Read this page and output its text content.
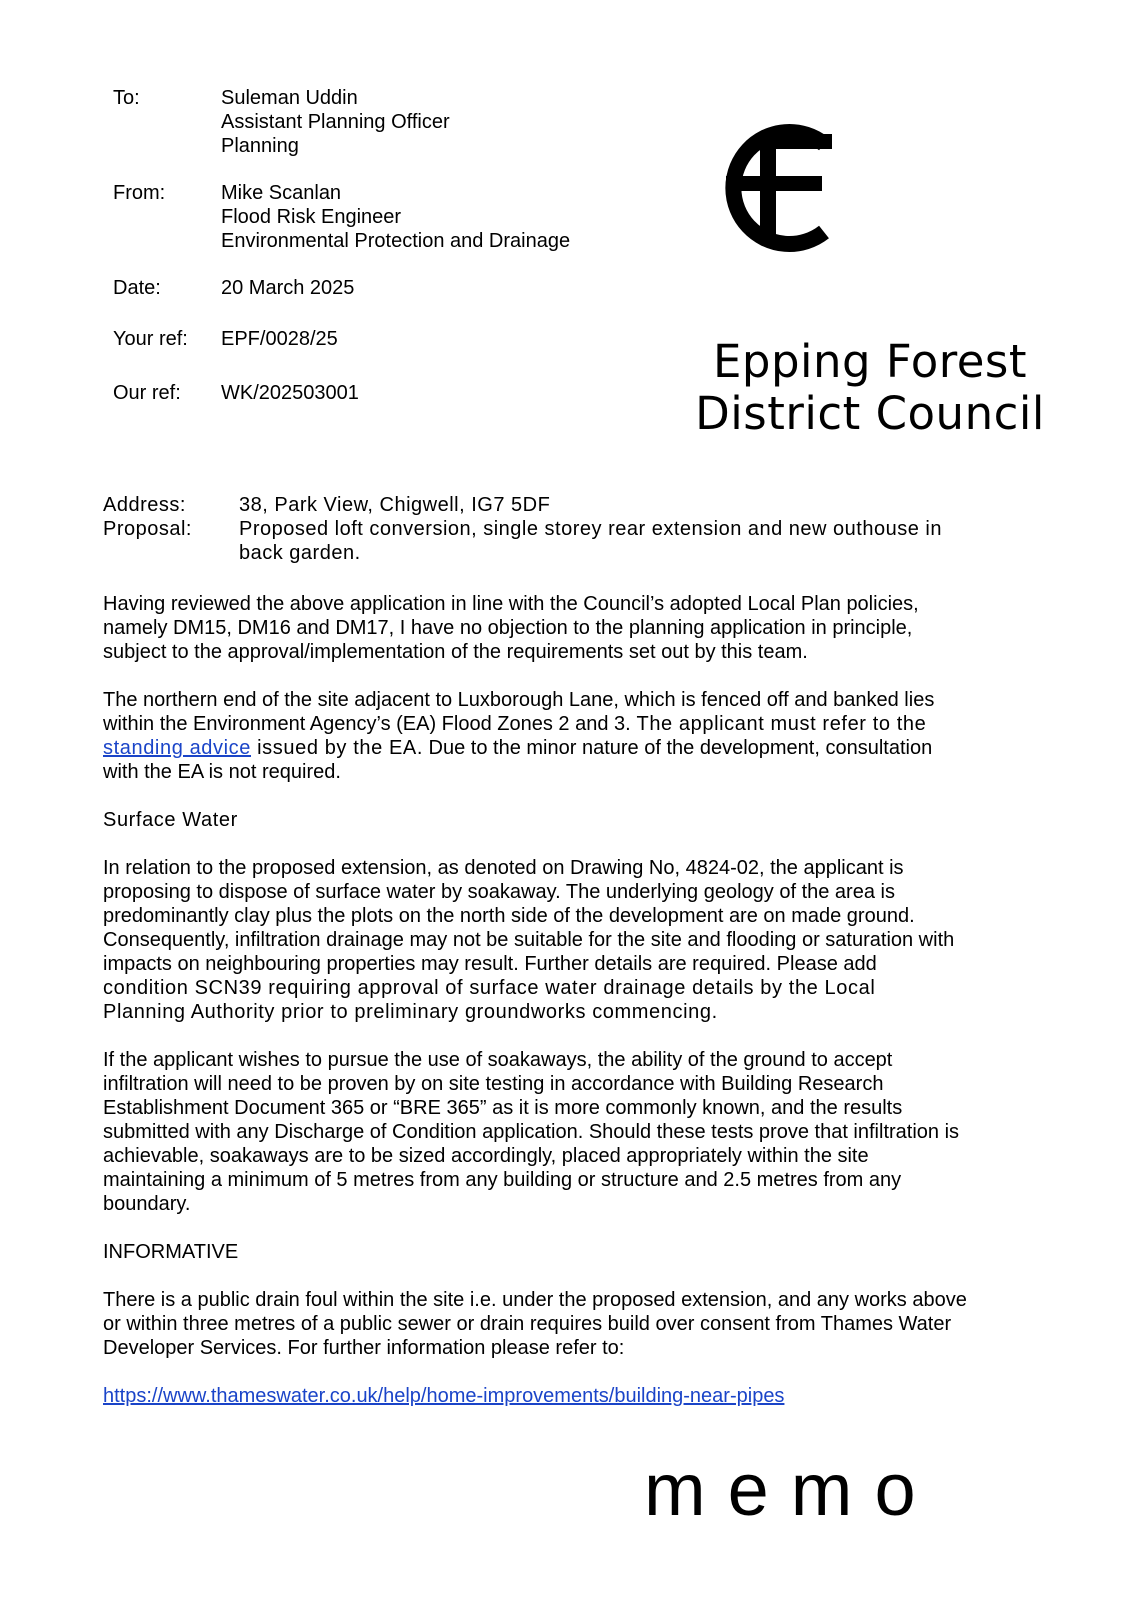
To:	Suleman Uddin
Assistant Planning Officer
Planning
From:	Mike Scanlan
Flood Risk Engineer
Environmental Protection and Drainage
Date:	20 March 2025
Your ref:	EPF/0028/25
Our ref:	WK/202503001
Epping Forest
District Council
Address:	38, Park View, Chigwell, IG7 5DF
Proposal:	Proposed loft conversion, single storey rear extension and new outhouse in
back garden.

Having reviewed the above application in line with the Council’s adopted Local Plan policies,
namely DM15, DM16 and DM17, I have no objection to the planning application in principle,
subject to the approval/implementation of the requirements set out by this team.

The northern end of the site adjacent to Luxborough Lane, which is fenced off and banked lies
within the Environment Agency’s (EA) Flood Zones 2 and 3. The applicant must refer to the
standing advice issued by the EA. Due to the minor nature of the development, consultation
with the EA is not required.

Surface Water

In relation to the proposed extension, as denoted on Drawing No, 4824-02, the applicant is
proposing to dispose of surface water by soakaway. The underlying geology of the area is
predominantly clay plus the plots on the north side of the development are on made ground.
Consequently, infiltration drainage may not be suitable for the site and flooding or saturation with
impacts on neighbouring properties may result. Further details are required. Please add
condition SCN39 requiring approval of surface water drainage details by the Local
Planning Authority prior to preliminary groundworks commencing.

If the applicant wishes to pursue the use of soakaways, the ability of the ground to accept
infiltration will need to be proven by on site testing in accordance with Building Research
Establishment Document 365 or “BRE 365” as it is more commonly known, and the results
submitted with any Discharge of Condition application. Should these tests prove that infiltration is
achievable, soakaways are to be sized accordingly, placed appropriately within the site
maintaining a minimum of 5 metres from any building or structure and 2.5 metres from any
boundary.

INFORMATIVE

There is a public drain foul within the site i.e. under the proposed extension, and any works above
or within three metres of a public sewer or drain requires build over consent from Thames Water
Developer Services. For further information please refer to:

https://www.thameswater.co.uk/help/home-improvements/building-near-pipes

memo
